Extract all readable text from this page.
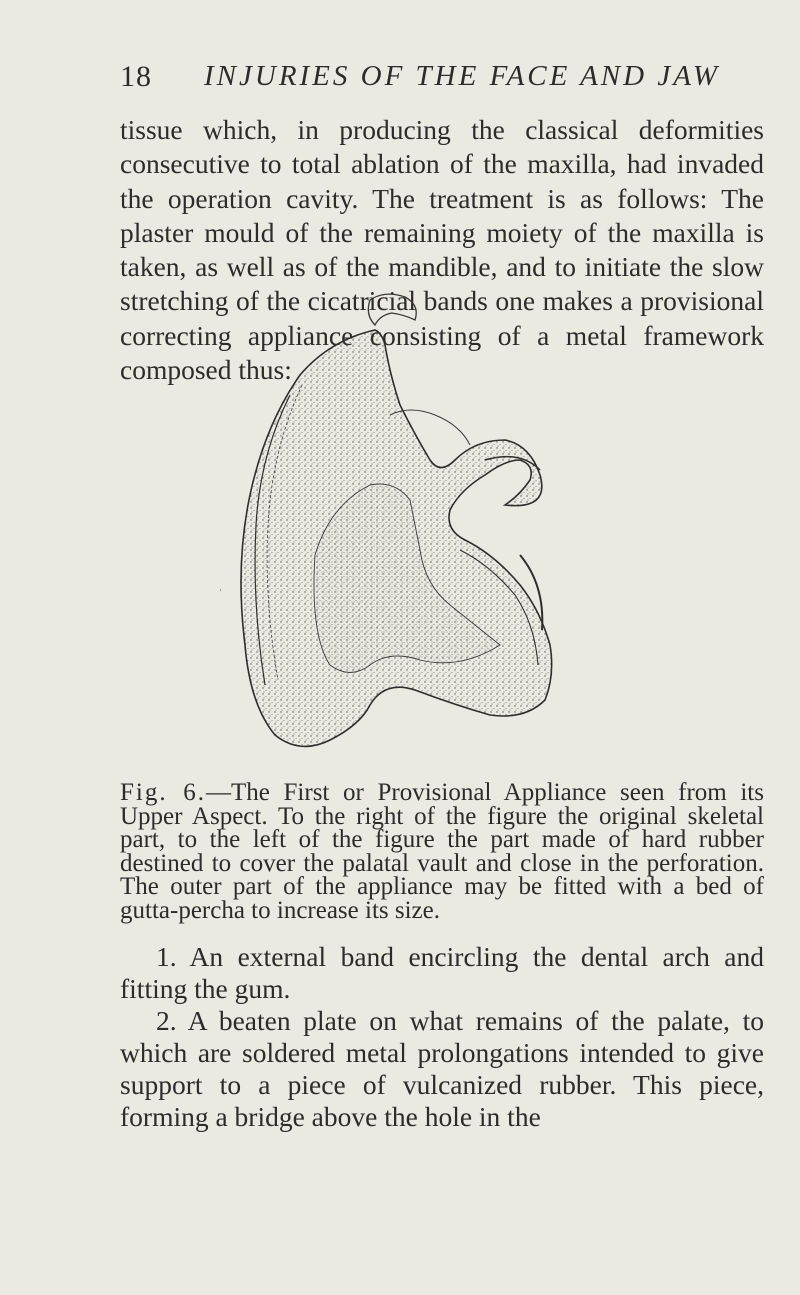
18 INJURIES OF THE FACE AND JAW

tissue which, in producing the classical deformities consecutive to total ablation of the maxilla, had invaded the operation cavity. The treatment is as follows: The plaster mould of the remaining moiety of the maxilla is taken, as well as of the mandible, and to initiate the slow stretching of the cicatricial bands one makes a provisional correcting appliance consisting of a metal framework composed thus:

Fig. 6.—The First or Provisional Appliance seen from its Upper Aspect. To the right of the figure the original skeletal part, to the left of the figure the part made of hard rubber destined to cover the palatal vault and close in the perforation. The outer part of the appliance may be fitted with a bed of gutta-percha to increase its size.

1. An external band encircling the dental arch and fitting the gum.

2. A beaten plate on what remains of the palate, to which are soldered metal prolongations intended to give support to a piece of vulcanized rubber. This piece, forming a bridge above the hole in the
